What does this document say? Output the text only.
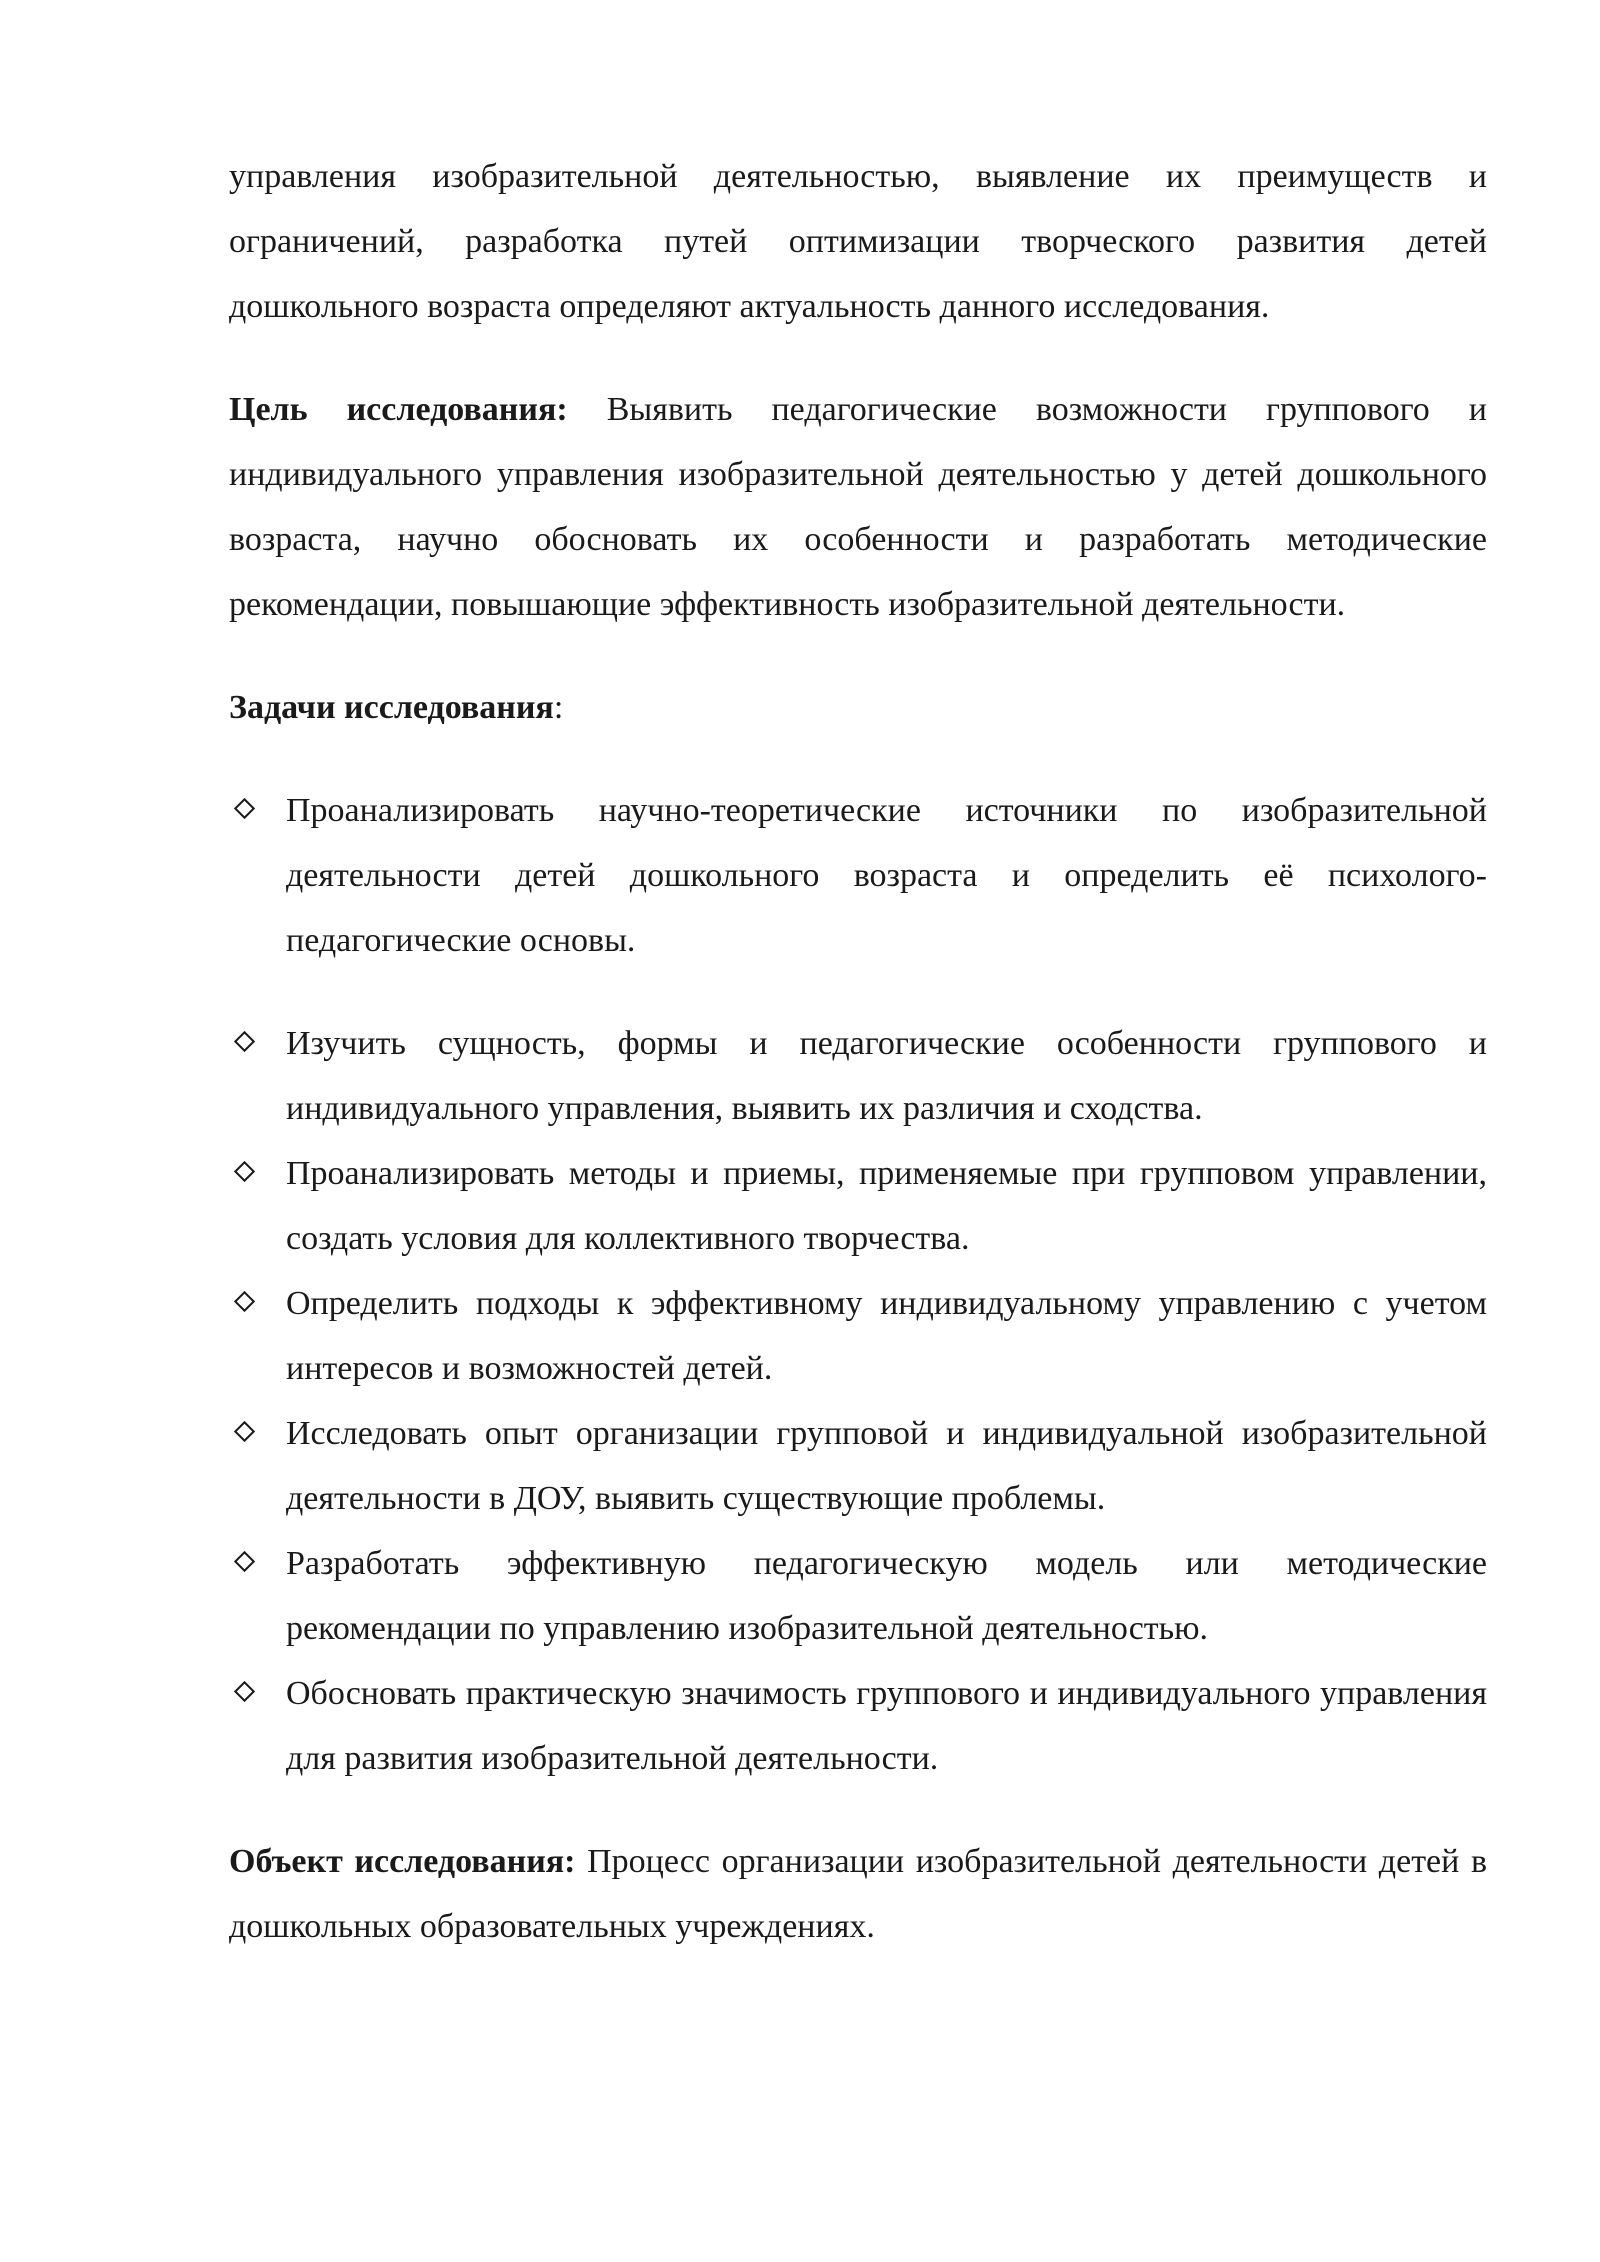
управления изобразительной деятельностью, выявление их преимуществ и ограничений, разработка путей оптимизации творческого развития детей дошкольного возраста определяют актуальность данного исследования.

Цель исследования: Выявить педагогические возможности группового и индивидуального управления изобразительной деятельностью у детей дошкольного возраста, научно обосновать их особенности и разработать методические рекомендации, повышающие эффективность изобразительной деятельности.

Задачи исследования:

Проанализировать научно-теоретические источники по изобразительной деятельности детей дошкольного возраста и определить её психолого-педагогические основы.
Изучить сущность, формы и педагогические особенности группового и индивидуального управления, выявить их различия и сходства.
Проанализировать методы и приемы, применяемые при групповом управлении, создать условия для коллективного творчества.
Определить подходы к эффективному индивидуальному управлению с учетом интересов и возможностей детей.
Исследовать опыт организации групповой и индивидуальной изобразительной деятельности в ДОУ, выявить существующие проблемы.
Разработать эффективную педагогическую модель или методические рекомендации по управлению изобразительной деятельностью.
Обосновать практическую значимость группового и индивидуального управления для развития изобразительной деятельности.

Объект исследования: Процесс организации изобразительной деятельности детей в дошкольных образовательных учреждениях.
